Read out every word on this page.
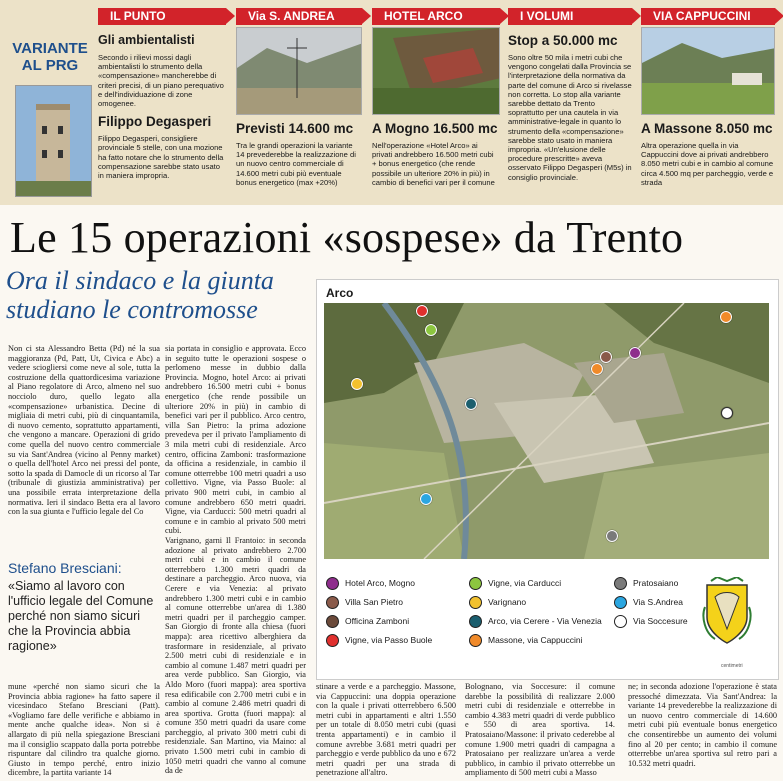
VARIANTE AL PRG
IL PUNTO
Gli ambientalisti
Secondo i rilievi mossi dagli ambientalisti lo strumento della «compensazione» mancherebbe di criteri precisi, di un piano perequativo e dell'individuazione di zone omogenee.
Filippo Degasperi
Filippo Degasperi, consigliere provinciale 5 stelle, con una mozione ha fatto notare che lo strumento della compensazione sarebbe stato usato in maniera impropria.
Via S. ANDREA
Previsti 14.600 mc
Tra le grandi operazioni la variante 14 prevederebbe la realizzazione di un nuovo centro commerciale di 14.600 metri cubi più eventuale bonus energetico (max +20%)
HOTEL ARCO
A Mogno 16.500 mc
Nell'operazione «Hotel Arco» ai privati andrebbero 16.500 metri cubi + bonus energetico (che rende possibile un ulteriore 20% in più) in cambio di benefici vari per il comune
I VOLUMI
Stop a 50.000 mc
Sono oltre 50 mila i metri cubi che vengono congelati dalla Provincia se l'interpretazione della normativa da parte del comune di Arco si rivelasse non corretta. Lo stop alla variante sarebbe dettato da Trento soprattutto per una cautela in via amministrative-legale in quanto lo strumento della «compensazione» sarebbe stato usato in maniera impropria. «Un'elusione delle procedure prescritte» aveva osservato Filippo Degasperi (M5s) in consiglio provinciale.
VIA CAPPUCCINI
A Massone 8.050 mc
Altra operazione quella in via Cappuccini dove ai privati andrebbero 8.050 metri cubi e in cambio al comune circa 4.500 mq per parcheggio, verde e strada
Le 15 operazioni «sospese» da Trento
Ora il sindaco e la giunta studiano le contromosse

Non ci sta Alessandro Betta (Pd) né la sua maggioranza (Pd, Patt, Ut, Civica e Abc) a vedere sciogliersi come neve al sole, tutta la costruzione della quattordicesima variazione al Piano regolatore di Arco, almeno nel suo nocciolo duro, quello legato alla «compensazione» urbanistica. Decine di migliaia di metri cubi, più di cinquantamila, di nuovo cemento, soprattutto appartamenti, che vengono a mancare. Operazioni di grido come quella del nuovo centro commerciale su via Sant'Andrea (vicino al Penny market) o quella dell'hotel Arco nei pressi del ponte, sotto la spada di Damocle di un ricorso al Tar (tribunale di giustizia amministrativa) per una possibile errata interpretazione della normativa. Ieri il sindaco Betta era al lavoro con la sua giunta e l'ufficio legale del Co

sia portata in consiglio e approvata. Ecco in seguito tutte le operazioni sospese o perlomeno messe in dubbio dalla Provincia. Mogno, hotel Arco: ai privati andrebbero 16.500 metri cubi + bonus energetico (che rende possibile un ulteriore 20% in più) in cambio di benefici vari per il pubblico. Arco centro, villa San Pietro: la prima adozione prevedeva per il privato l'ampliamento di 3 mila metri cubi di residenziale. Arco centro, officina Zamboni: trasformazione da officina a residenziale, in cambio il comune otterrebbe 100 metri quadri a uso collettivo. Vigne, via Passo Buole: al privato 900 metri cubi, in cambio al comune andrebbero 650 metri quadri. Vigne, via Carducci: 500 metri quadri al comune e in cambio al privato 500 metri cubi.

Varignano, garni Il Frantoio: in seconda adozione al privato andrebbero 2.700 metri cubi e in cambio il comune otterrebbero 1.300 metri quadri da destinare a parcheggio. Arco nuova, via Cerere e via Venezia: al privato andrebbero 1.300 metri cubi e in cambio al comune otterrebbe un'area di 1.380 metri quadri per il parcheggio camper. San Giorgio di fronte alla chiesa (fuori mappa): area ricettivo alberghiera da trasformare in residenziale, al privato 2.500 metri cubi di residenziale e in cambio al comune 1.487 metri quadri per area verde pubblico. San Giorgio, via Aldo Moro (fuori mappa): area sportiva resa edificabile con 2.700 metri cubi e in cambio al comune 2.486 metri quadri di area sportiva. Grotta (fuori mappa): al comune 350 metri quadri da usare come parcheggio, al privato 300 metri cubi di residenziale. San Martino, via Maino: al privato 1.500 metri cubi in cambio di 1050 metri quadri che vanno al comune da de

Stefano Bresciani:
«Siamo al lavoro con l'ufficio legale del Comune perché non siamo sicuri che la Provincia abbia ragione»
mune «perché non siamo sicuri che la Provincia abbia ragione» ha fatto sapere il vicesindaco Stefano Bresciani (Patt). «Vogliamo fare delle verifiche e abbiamo in mente anche qualche idea». Non si è allargato di più nella spiegazione Bresciani ma il consiglio scappato dalla porta potrebbe rispuntare dal cilindro tra qualche giorno. Giusto in tempo perché, entro inizio dicembre, la partita variante 14
stinare a verde e a parcheggio. Massone, via Cappuccini: una doppia operazione con la quale i privati otterrebbero 6.500 metri cubi in appartamenti e altri 1.550 per un totale di 8.050 metri cubi (quasi trenta appartamenti) e in cambio il comune avrebbe 3.681 metri quadri per parcheggio e verde pubblico da uno e 672 metri quadri per una strada di penetrazione all'altro.
Bolognano, via Soccesure: il comune darebbe la possibilità di realizzare 2.000 metri cubi di residenziale e otterrebbe in cambio 4.383 metri quadri di verde pubblico e 550 di area sportiva. 14. Pratosaiano/Massone: il privato cederebbe al comune 1.900 metri quadri di campagna a Pratosaiano per realizzare un'area a verde pubblico, in cambio il privato otterrebbe un ampliamento di 500 metri cubi a Masso
ne; in seconda adozione l'operazione è stata pressoché dimezzata. Via Sant'Andrea: la variante 14 prevederebbe la realizzazione di un nuovo centro commerciale di 14.600 metri cubi più eventuale bonus energetico che consentirebbe un aumento dei volumi fino al 20 per cento; in cambio il comune otterrebbe un'area sportiva sul retro pari a 10.532 metri quadri.
Arco
Hotel Arco, Mogno
Villa San Pietro
Officina Zamboni
Vigne, via Passo Buole
Vigne, via Carducci
Varignano
Arco, via Cerere - Via Venezia
Massone, via Cappuccini
Pratosaiano
Via S.Andrea
Via Soccesure
centimetri
